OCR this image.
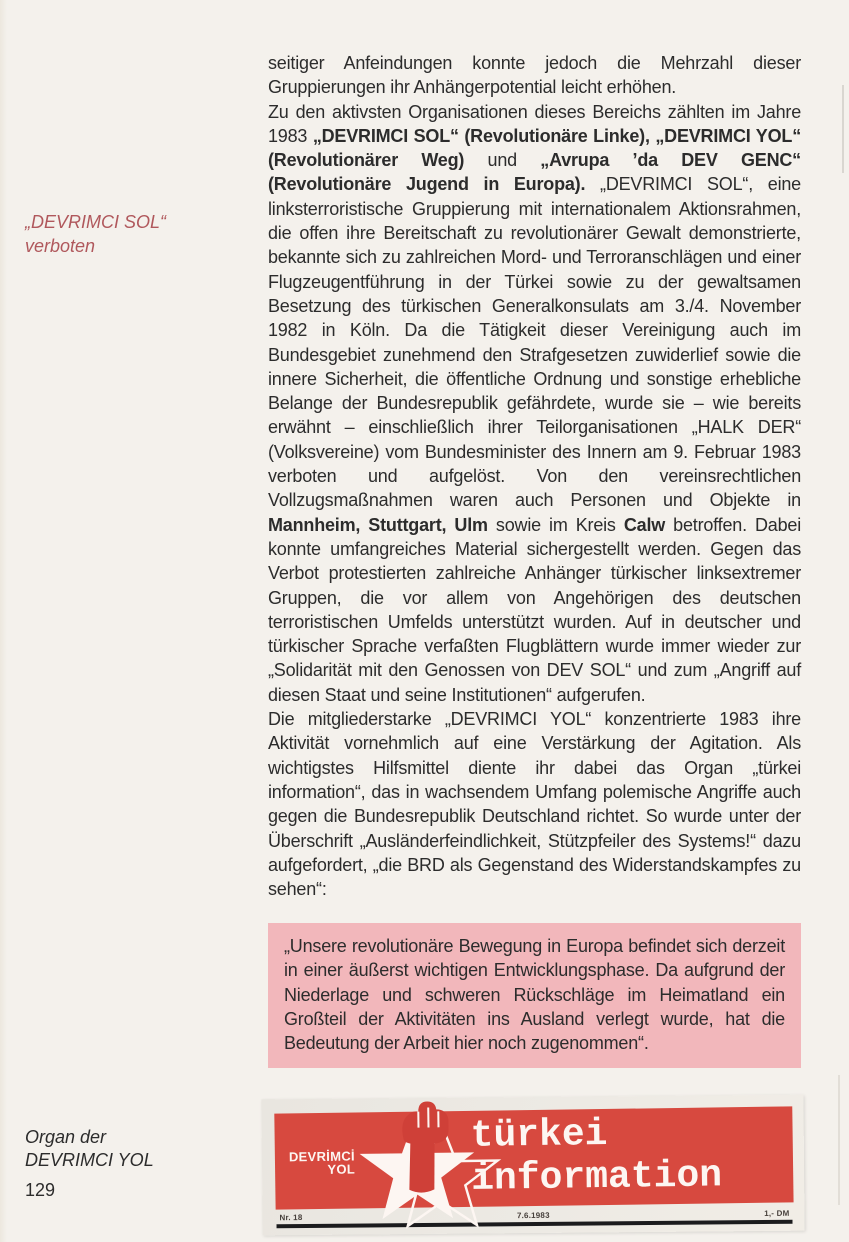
„DEVRIMCI SOL“
verboten
Organ der
DEVRIMCI YOL
129

seitiger Anfeindungen konnte jedoch die Mehrzahl dieser Gruppierungen ihr Anhängerpotential leicht erhöhen.

Zu den aktivsten Organisationen dieses Bereichs zählten im Jahre 1983 „DEVRIMCI SOL“ (Revolutionäre Linke), „DEVRIMCI YOL“ (Revolutionärer Weg) und „Avrupa ’da DEV GENC“ (Revolutionäre Jugend in Europa). „DEVRIMCI SOL“, eine linksterroristische Gruppierung mit internationalem Aktionsrahmen, die offen ihre Bereitschaft zu revolutionärer Gewalt demonstrierte, bekannte sich zu zahlreichen Mord- und Terroranschlägen und einer Flugzeugentführung in der Türkei sowie zu der gewaltsamen Besetzung des türkischen Generalkonsulats am 3./4. November 1982 in Köln. Da die Tätigkeit dieser Vereinigung auch im Bundesgebiet zunehmend den Strafgesetzen zuwiderlief sowie die innere Sicherheit, die öffentliche Ordnung und sonstige erhebliche Belange der Bundesrepublik gefährdete, wurde sie – wie bereits erwähnt – einschließlich ihrer Teilorganisationen „HALK DER“ (Volksvereine) vom Bundesminister des Innern am 9. Februar 1983 verboten und aufgelöst. Von den vereinsrechtlichen Vollzugsmaßnahmen waren auch Personen und Objekte in Mannheim, Stuttgart, Ulm sowie im Kreis Calw betroffen. Dabei konnte umfangreiches Material sichergestellt werden. Gegen das Verbot protestierten zahlreiche Anhänger türkischer linksextremer Gruppen, die vor allem von Angehörigen des deutschen terroristischen Umfelds unterstützt wurden. Auf in deutscher und türkischer Sprache verfaßten Flugblättern wurde immer wieder zur „Solidarität mit den Genossen von DEV SOL“ und zum „Angriff auf diesen Staat und seine Institutionen“ aufgerufen.

Die mitgliederstarke „DEVRIMCI YOL“ konzentrierte 1983 ihre Aktivität vornehmlich auf eine Verstärkung der Agitation. Als wichtigstes Hilfsmittel diente ihr dabei das Organ „türkei information“, das in wachsendem Umfang polemische Angriffe auch gegen die Bundesrepublik Deutschland richtet. So wurde unter der Überschrift „Ausländerfeindlichkeit, Stützpfeiler des Systems!“ dazu aufgefordert, „die BRD als Gegenstand des Widerstandskampfes zu sehen“:

„Unsere revolutionäre Bewegung in Europa befindet sich derzeit in einer äußerst wichtigen Entwicklungsphase. Da aufgrund der Niederlage und schweren Rückschläge im Heimatland ein Großteil der Aktivitäten ins Ausland verlegt wurde, hat die Bedeutung der Arbeit hier noch zugenommen“.

DEVRİMCİ
YOL
türkei
information
Nr. 18	7.6.1983	1,- DM
